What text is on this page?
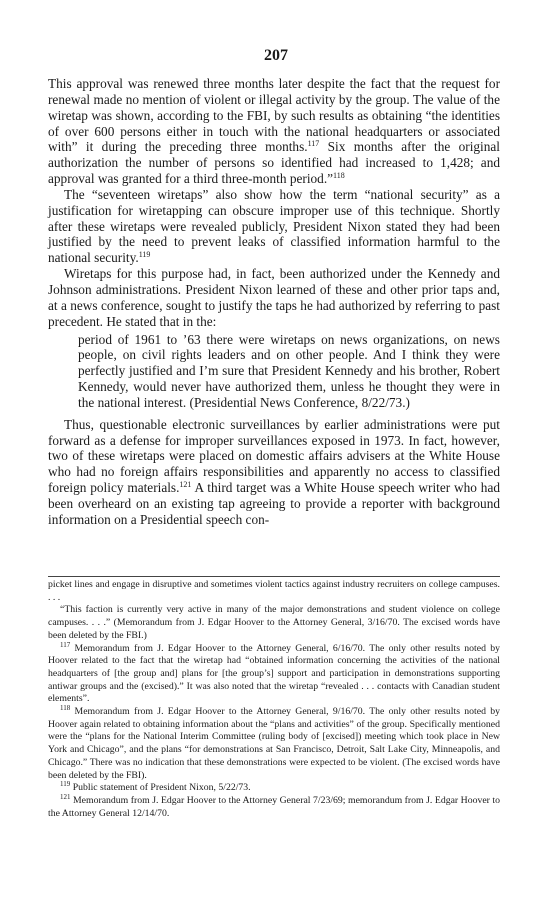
207

This approval was renewed three months later despite the fact that the request for renewal made no mention of violent or illegal activity by the group. The value of the wiretap was shown, according to the FBI, by such results as obtaining “the identities of over 600 persons either in touch with the national headquarters or associated with” it during the preceding three months.$^{117}$ Six months after the original authorization the number of persons so identified had increased to 1,428; and approval was granted for a third three-month period.”$^{118}$

The “seventeen wiretaps” also show how the term “national security” as a justification for wiretapping can obscure improper use of this technique. Shortly after these wiretaps were revealed publicly, President Nixon stated they had been justified by the need to prevent leaks of classified information harmful to the national security.$^{119}$

Wiretaps for this purpose had, in fact, been authorized under the Kennedy and Johnson administrations. President Nixon learned of these and other prior taps and, at a news conference, sought to justify the taps he had authorized by referring to past precedent. He stated that in the:

period of 1961 to ’63 there were wiretaps on news organizations, on news people, on civil rights leaders and on other people. And I think they were perfectly justified and I’m sure that President Kennedy and his brother, Robert Kennedy, would never have authorized them, unless he thought they were in the national interest. (Presidential News Conference, 8/22/73.)

Thus, questionable electronic surveillances by earlier administrations were put forward as a defense for improper surveillances exposed in 1973. In fact, however, two of these wiretaps were placed on domestic affairs advisers at the White House who had no foreign affairs responsibilities and apparently no access to classified foreign policy materials.$^{121}$ A third target was a White House speech writer who had been overheard on an existing tap agreeing to provide a reporter with background information on a Presidential speech con-

picket lines and engage in disruptive and sometimes violent tactics against industry recruiters on college campuses. . . .

“This faction is currently very active in many of the major demonstrations and student violence on college campuses. . . .” (Memorandum from J. Edgar Hoover to the Attorney General, 3/16/70. The excised words have been deleted by the FBI.)

$^{117}$ Memorandum from J. Edgar Hoover to the Attorney General, 6/16/70. The only other results noted by Hoover related to the fact that the wiretap had “obtained information concerning the activities of the national headquarters of [the group and] plans for [the group’s] support and participation in demonstrations supporting antiwar groups and the (excised).” It was also noted that the wiretap “revealed . . . contacts with Canadian student elements”.

$^{118}$ Memorandum from J. Edgar Hoover to the Attorney General, 9/16/70. The only other results noted by Hoover again related to obtaining information about the “plans and activities” of the group. Specifically mentioned were the “plans for the National Interim Committee (ruling body of [excised]) meeting which took place in New York and Chicago”, and the plans “for demonstrations at San Francisco, Detroit, Salt Lake City, Minneapolis, and Chicago.” There was no indication that these demonstrations were expected to be violent. (The excised words have been deleted by the FBI).

$^{119}$ Public statement of President Nixon, 5/22/73.

$^{121}$ Memorandum from J. Edgar Hoover to the Attorney General 7/23/69; memorandum from J. Edgar Hoover to the Attorney General 12/14/70.
